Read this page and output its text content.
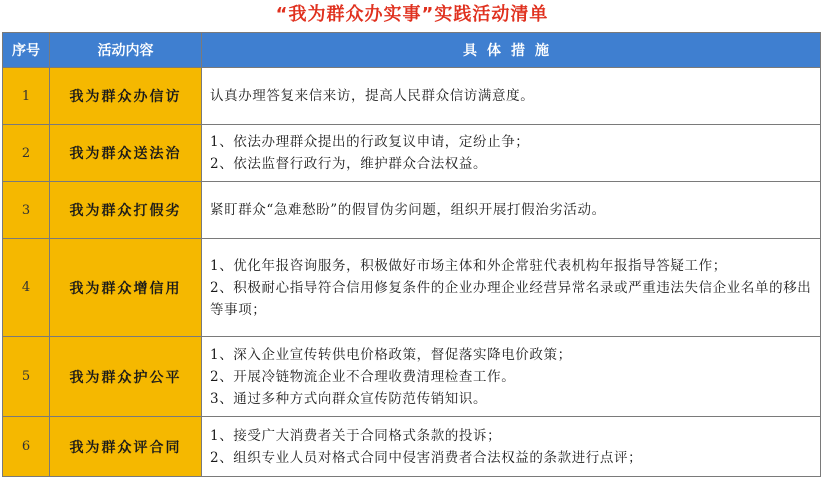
“我为群众办实事”实践活动清单
序号	活动内容	具体措施
1	我为群众办信访	认真办理答复来信来访，提高人民群众信访满意度。

2	我为群众送法治	1、依法办理群众提出的行政复议申请，定纷止争；
2、依法监督行政行为，维护群众合法权益。

3	我为群众打假劣	紧盯群众“急难愁盼”的假冒伪劣问题，组织开展打假治劣活动。

4	我为群众增信用	1、优化年报咨询服务，积极做好市场主体和外企常驻代表机构年报指导答疑工作；
2、积极耐心指导符合信用修复条件的企业办理企业经营异常名录或严重违法失信企业名单的移出等事项；

5	我为群众护公平	1、深入企业宣传转供电价格政策，督促落实降电价政策；
2、开展冷链物流企业不合理收费清理检查工作。
3、通过多种方式向群众宣传防范传销知识。

6	我为群众评合同	1、接受广大消费者关于合同格式条款的投诉；
2、组织专业人员对格式合同中侵害消费者合法权益的条款进行点评；
